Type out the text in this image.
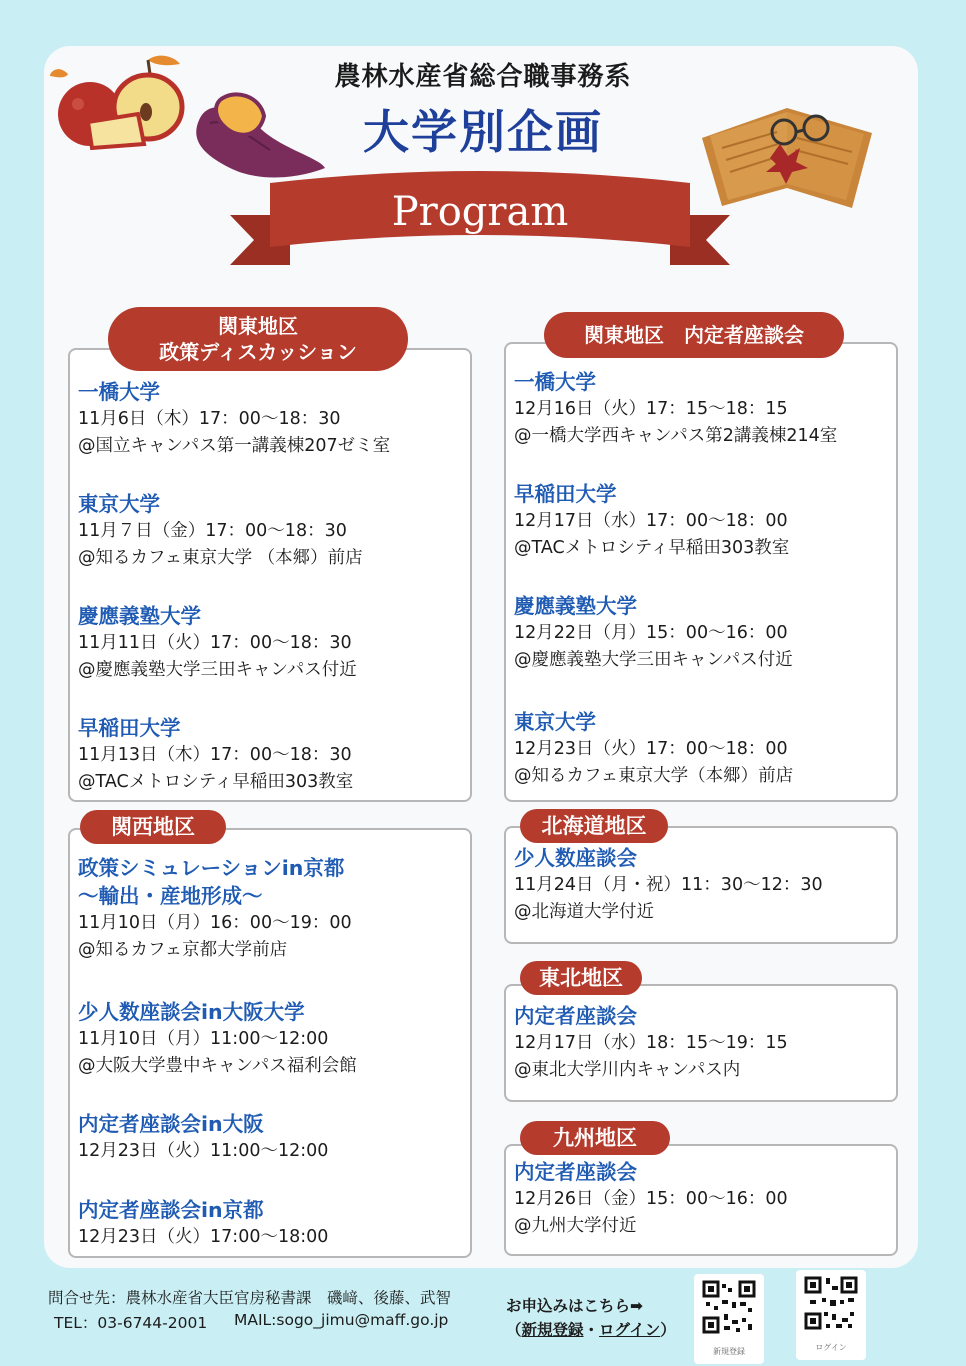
農林水産省総合職事務系
大学別企画
Program
一橋大学
11月6日（木）17：00〜18：30
@国立キャンパス第一講義棟207ゼミ室
東京大学
11月７日（金）17：00〜18：30
@知るカフェ東京大学 （本郷）前店
慶應義塾大学
11月11日（火）17：00〜18：30
@慶應義塾大学三田キャンパス付近
早稲田大学
11月13日（木）17：00〜18：30
@TACメトロシティ早稲田303教室
関東地区
政策ディスカッション
政策シミュレーションin京都
〜輸出・産地形成〜
11月10日（月）16：00〜19：00
@知るカフェ京都大学前店
少人数座談会in大阪大学
11月10日（月）11:00〜12:00
@大阪大学豊中キャンパス福利会館
内定者座談会in大阪
12月23日（火）11:00〜12:00
内定者座談会in京都
12月23日（火）17:00〜18:00
関西地区
一橋大学
12月16日（火）17：15〜18：15
@一橋大学西キャンパス第2講義棟214室
早稲田大学
12月17日（水）17：00〜18：00
@TACメトロシティ早稲田303教室
慶應義塾大学
12月22日（月）15：00〜16：00
@慶應義塾大学三田キャンパス付近
東京大学
12月23日（火）17：00〜18：00
@知るカフェ東京大学（本郷）前店
関東地区　内定者座談会
少人数座談会
11月24日（月・祝）11：30〜12：30
@北海道大学付近
北海道地区
内定者座談会
12月17日（水）18：15〜19：15
@東北大学川内キャンパス内
東北地区
内定者座談会
12月26日（金）15：00〜16：00
@九州大学付近
九州地区
問合せ先：農林水産省大臣官房秘書課　磯﨑、後藤、武智
TEL：03-6744-2001 MAIL:sogo_jimu@maff.go.jp
お申込みはこちら➡
（新規登録・ログイン）
新規登録	ログイン
